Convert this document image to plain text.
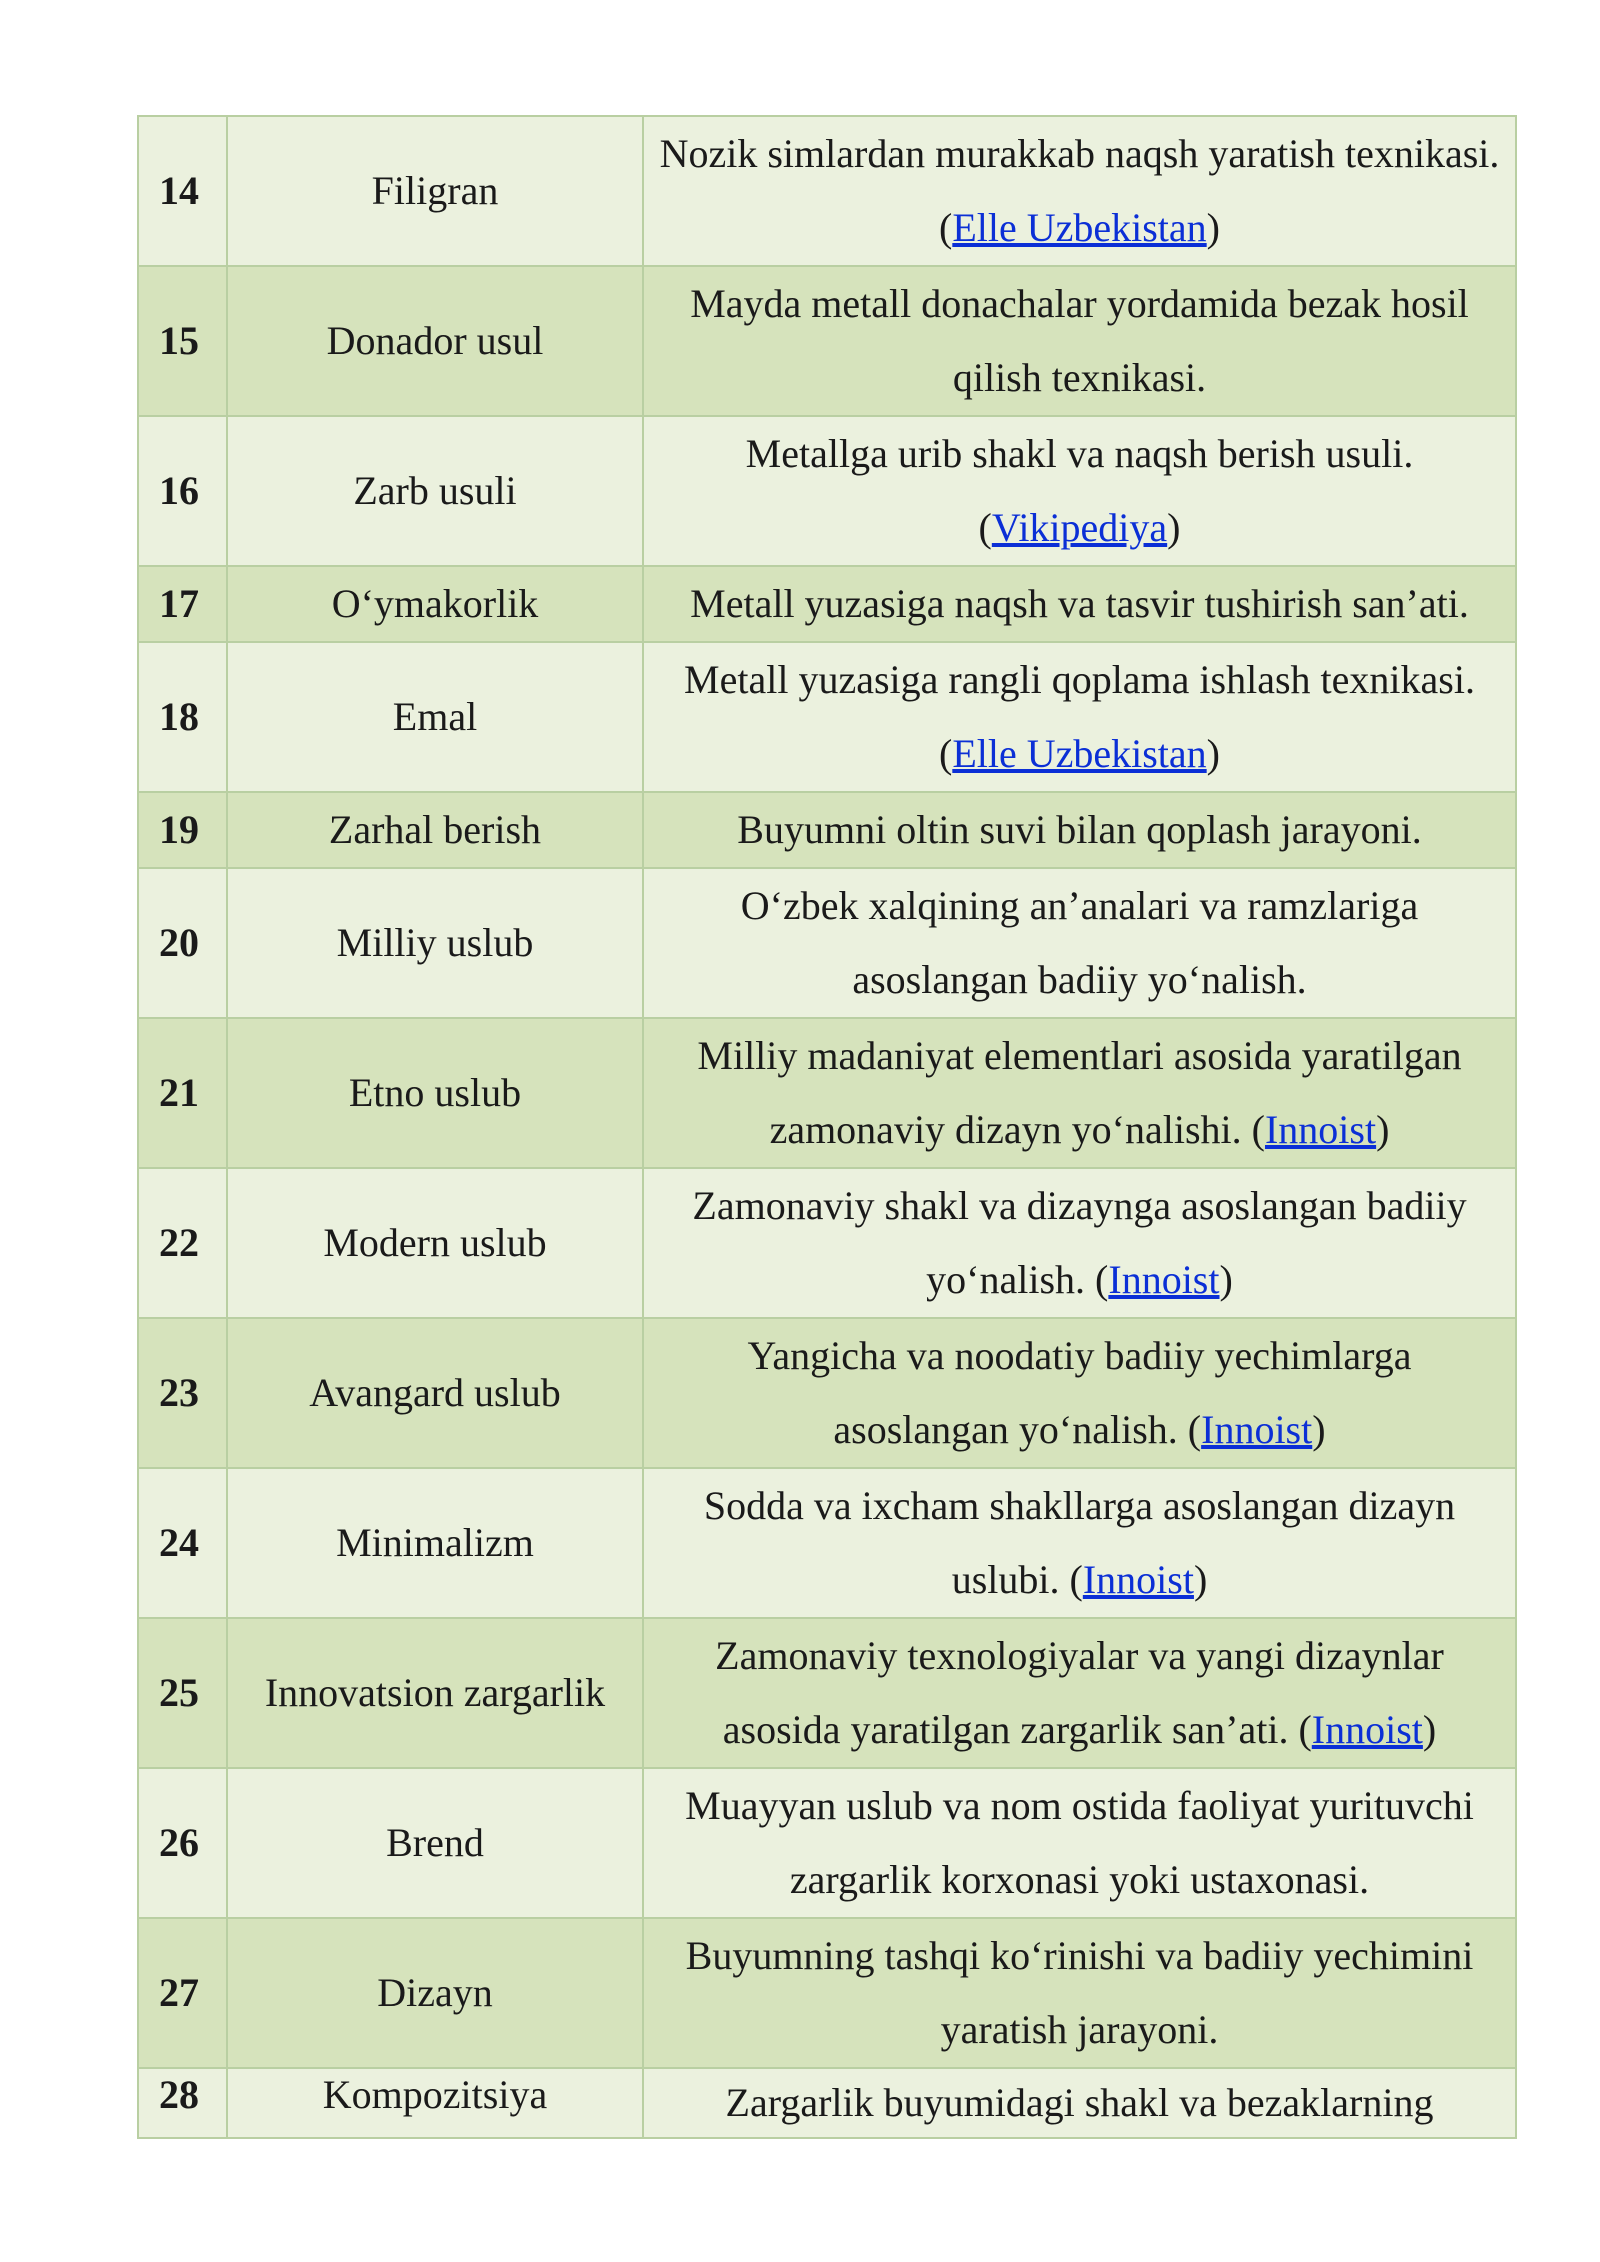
14	Filigran	Nozik simlardan murakkab naqsh yaratish texnikasi. (Elle Uzbekistan)
15	Donador usul	Mayda metall donachalar yordamida bezak hosil qilish texnikasi.
16	Zarb usuli	Metallga urib shakl va naqsh berish usuli. (Vikipediya)
17	Oʻymakorlik	Metall yuzasiga naqsh va tasvir tushirish san’ati.
18	Emal	Metall yuzasiga rangli qoplama ishlash texnikasi. (Elle Uzbekistan)
19	Zarhal berish	Buyumni oltin suvi bilan qoplash jarayoni.
20	Milliy uslub	Oʻzbek xalqining an’analari va ramzlariga asoslangan badiiy yoʻnalish.
21	Etno uslub	Milliy madaniyat elementlari asosida yaratilgan zamonaviy dizayn yoʻnalishi. (Innoist)
22	Modern uslub	Zamonaviy shakl va dizaynga asoslangan badiiy yoʻnalish. (Innoist)
23	Avangard uslub	Yangicha va noodatiy badiiy yechimlarga asoslangan yoʻnalish. (Innoist)
24	Minimalizm	Sodda va ixcham shakllarga asoslangan dizayn uslubi. (Innoist)
25	Innovatsion zargarlik	Zamonaviy texnologiyalar va yangi dizaynlar asosida yaratilgan zargarlik san’ati. (Innoist)
26	Brend	Muayyan uslub va nom ostida faoliyat yurituvchi zargarlik korxonasi yoki ustaxonasi.
27	Dizayn	Buyumning tashqi koʻrinishi va badiiy yechimini yaratish jarayoni.
28	Kompozitsiya	Zargarlik buyumidagi shakl va bezaklarning
